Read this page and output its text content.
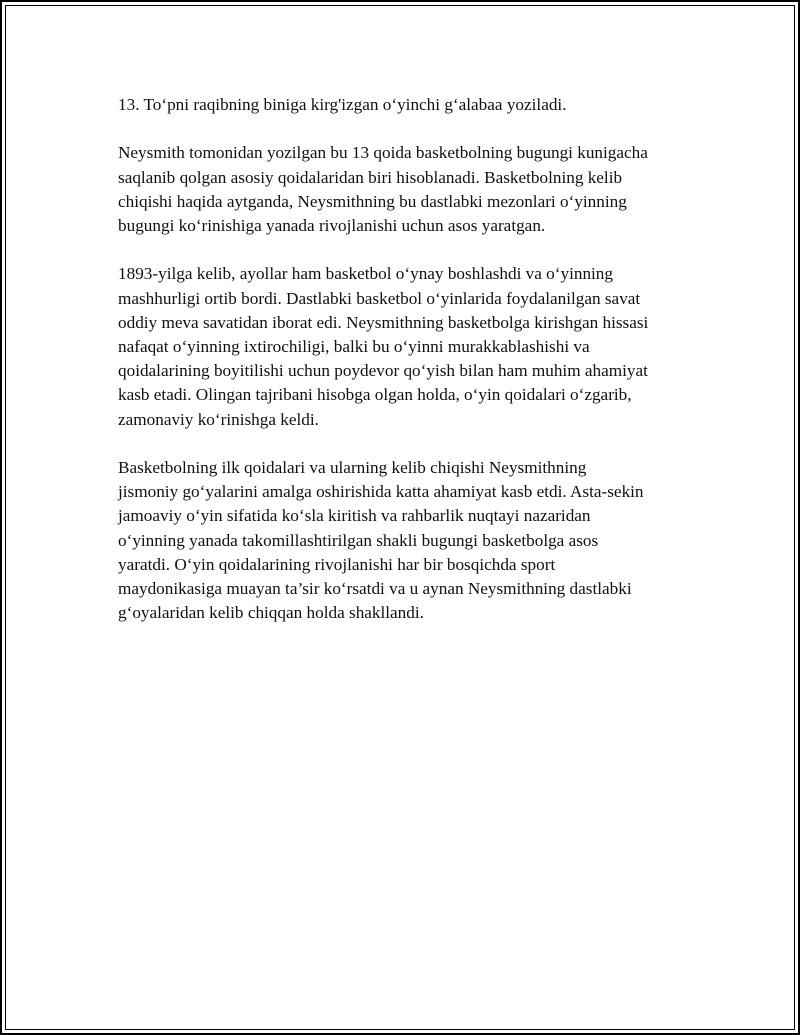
13. To‘pni raqibning biniga kirg'izgan o‘yinchi g‘alabaa yoziladi.

Neysmith tomonidan yozilgan bu 13 qoida basketbolning bugungi kunigacha
saqlanib qolgan asosiy qoidalaridan biri hisoblanadi. Basketbolning kelib
chiqishi haqida aytganda, Neysmithning bu dastlabki mezonlari o‘yinning
bugungi ko‘rinishiga yanada rivojlanishi uchun asos yaratgan.

1893-yilga kelib, ayollar ham basketbol o‘ynay boshlashdi va o‘yinning
mashhurligi ortib bordi. Dastlabki basketbol o‘yinlarida foydalanilgan savat
oddiy meva savatidan iborat edi. Neysmithning basketbolga kirishgan hissasi
nafaqat o‘yinning ixtirochiligi, balki bu o‘yinni murakkablashishi va
qoidalarining boyitilishi uchun poydevor qo‘yish bilan ham muhim ahamiyat
kasb etadi. Olingan tajribani hisobga olgan holda, o‘yin qoidalari o‘zgarib,
zamonaviy ko‘rinishga keldi.

Basketbolning ilk qoidalari va ularning kelib chiqishi Neysmithning
jismoniy go‘yalarini amalga oshirishida katta ahamiyat kasb etdi. Asta-sekin
jamoaviy o‘yin sifatida ko‘sla kiritish va rahbarlik nuqtayi nazaridan
o‘yinning yanada takomillashtirilgan shakli bugungi basketbolga asos
yaratdi. O‘yin qoidalarining rivojlanishi har bir bosqichda sport
maydonikasiga muayan ta’sir ko‘rsatdi va u aynan Neysmithning dastlabki
g‘oyalaridan kelib chiqqan holda shakllandi.
